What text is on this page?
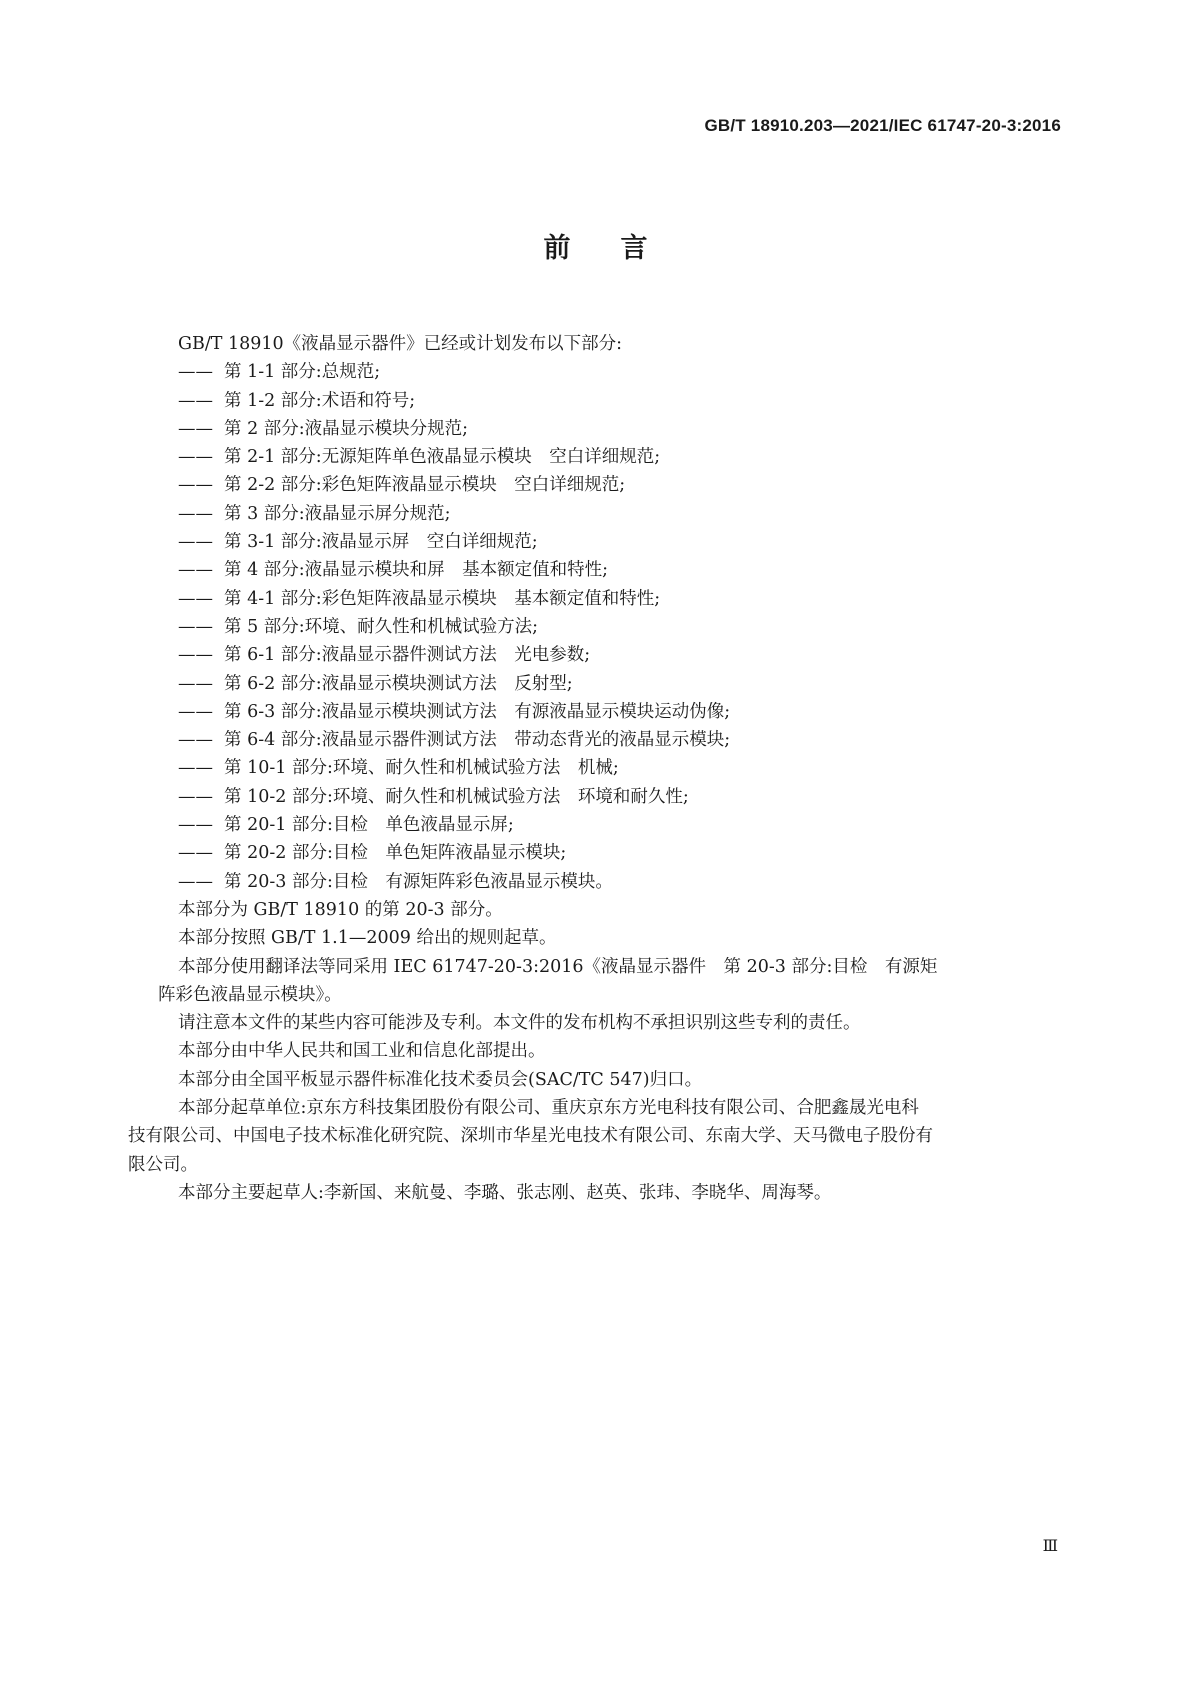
GB/T 18910.203—2021/IEC 61747-20-3:2016
前 言

GB/T 18910《液晶显示器件》已经或计划发布以下部分:

—— 第 1-1 部分:总规范;

—— 第 1-2 部分:术语和符号;

—— 第 2 部分:液晶显示模块分规范;

—— 第 2-1 部分:无源矩阵单色液晶显示模块　空白详细规范;

—— 第 2-2 部分:彩色矩阵液晶显示模块　空白详细规范;

—— 第 3 部分:液晶显示屏分规范;

—— 第 3-1 部分:液晶显示屏　空白详细规范;

—— 第 4 部分:液晶显示模块和屏　基本额定值和特性;

—— 第 4-1 部分:彩色矩阵液晶显示模块　基本额定值和特性;

—— 第 5 部分:环境、耐久性和机械试验方法;

—— 第 6-1 部分:液晶显示器件测试方法　光电参数;

—— 第 6-2 部分:液晶显示模块测试方法　反射型;

—— 第 6-3 部分:液晶显示模块测试方法　有源液晶显示模块运动伪像;

—— 第 6-4 部分:液晶显示器件测试方法　带动态背光的液晶显示模块;

—— 第 10-1 部分:环境、耐久性和机械试验方法　机械;

—— 第 10-2 部分:环境、耐久性和机械试验方法　环境和耐久性;

—— 第 20-1 部分:目检　单色液晶显示屏;

—— 第 20-2 部分:目检　单色矩阵液晶显示模块;

—— 第 20-3 部分:目检　有源矩阵彩色液晶显示模块。

本部分为 GB/T 18910 的第 20-3 部分。

本部分按照 GB/T 1.1—2009 给出的规则起草。

本部分使用翻译法等同采用 IEC 61747-20-3:2016《液晶显示器件　第 20-3 部分:目检　有源矩

阵彩色液晶显示模块》。

请注意本文件的某些内容可能涉及专利。本文件的发布机构不承担识别这些专利的责任。

本部分由中华人民共和国工业和信息化部提出。

本部分由全国平板显示器件标准化技术委员会(SAC/TC 547)归口。

本部分起草单位:京东方科技集团股份有限公司、重庆京东方光电科技有限公司、合肥鑫晟光电科

技有限公司、中国电子技术标准化研究院、深圳市华星光电技术有限公司、东南大学、天马微电子股份有

限公司。

本部分主要起草人:李新国、来航曼、李璐、张志刚、赵英、张玮、李晓华、周海琴。

Ⅲ
